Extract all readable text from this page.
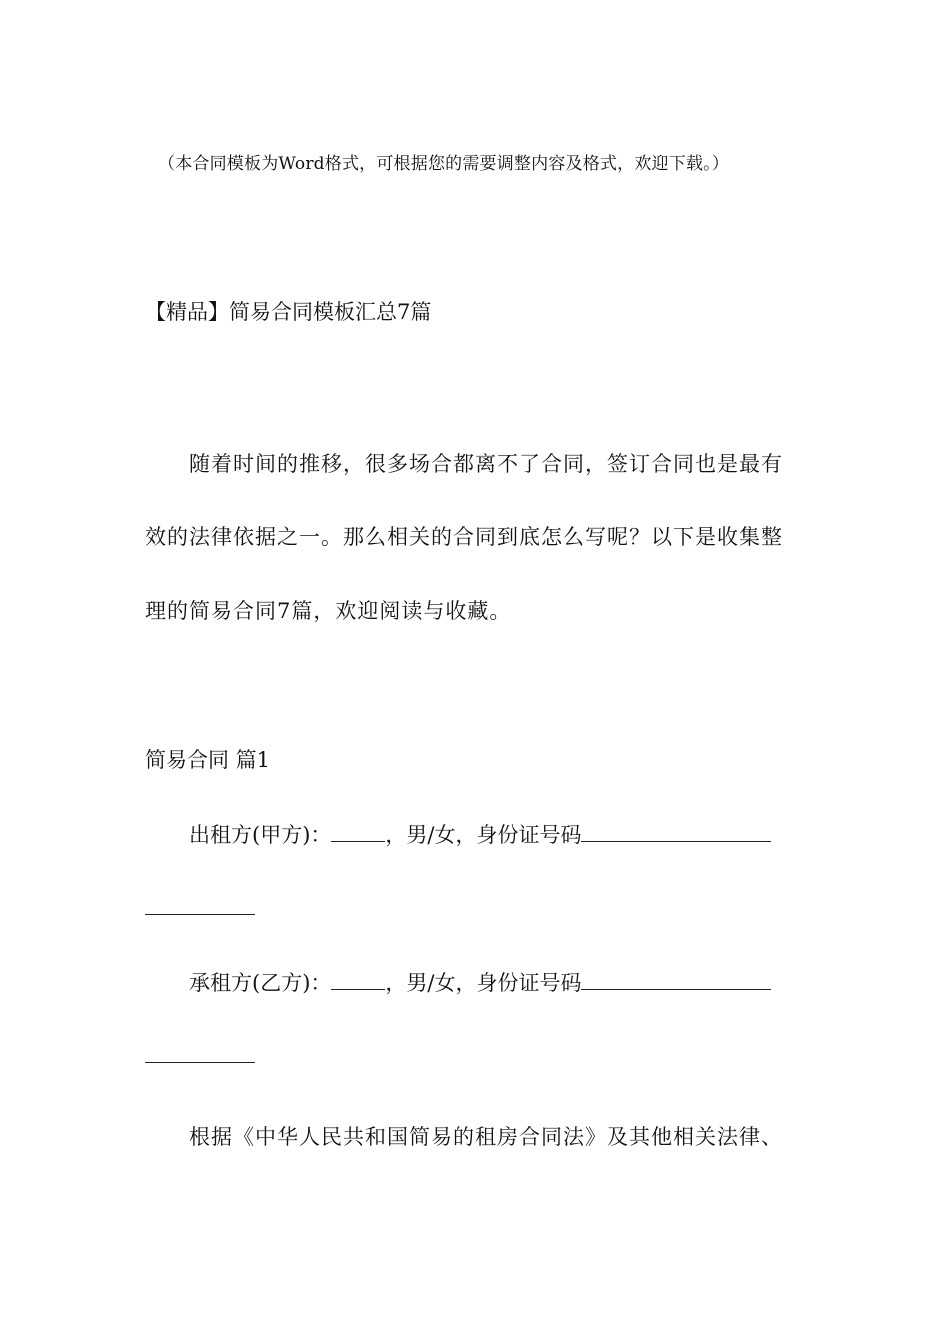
（本合同模板为Word格式，可根据您的需要调整内容及格式，欢迎下载。）
【精品】简易合同模板汇总7篇
随着时间的推移，很多场合都离不了合同，签订合同也是最有
效的法律依据之一。那么相关的合同到底怎么写呢？以下是收集整
理的简易合同7篇，欢迎阅读与收藏。
简易合同 篇1
出租方(甲方)：	，男/女，身份证号码
承租方(乙方)：	，男/女，身份证号码
根据《中华人民共和国简易的租房合同法》及其他相关法律、
